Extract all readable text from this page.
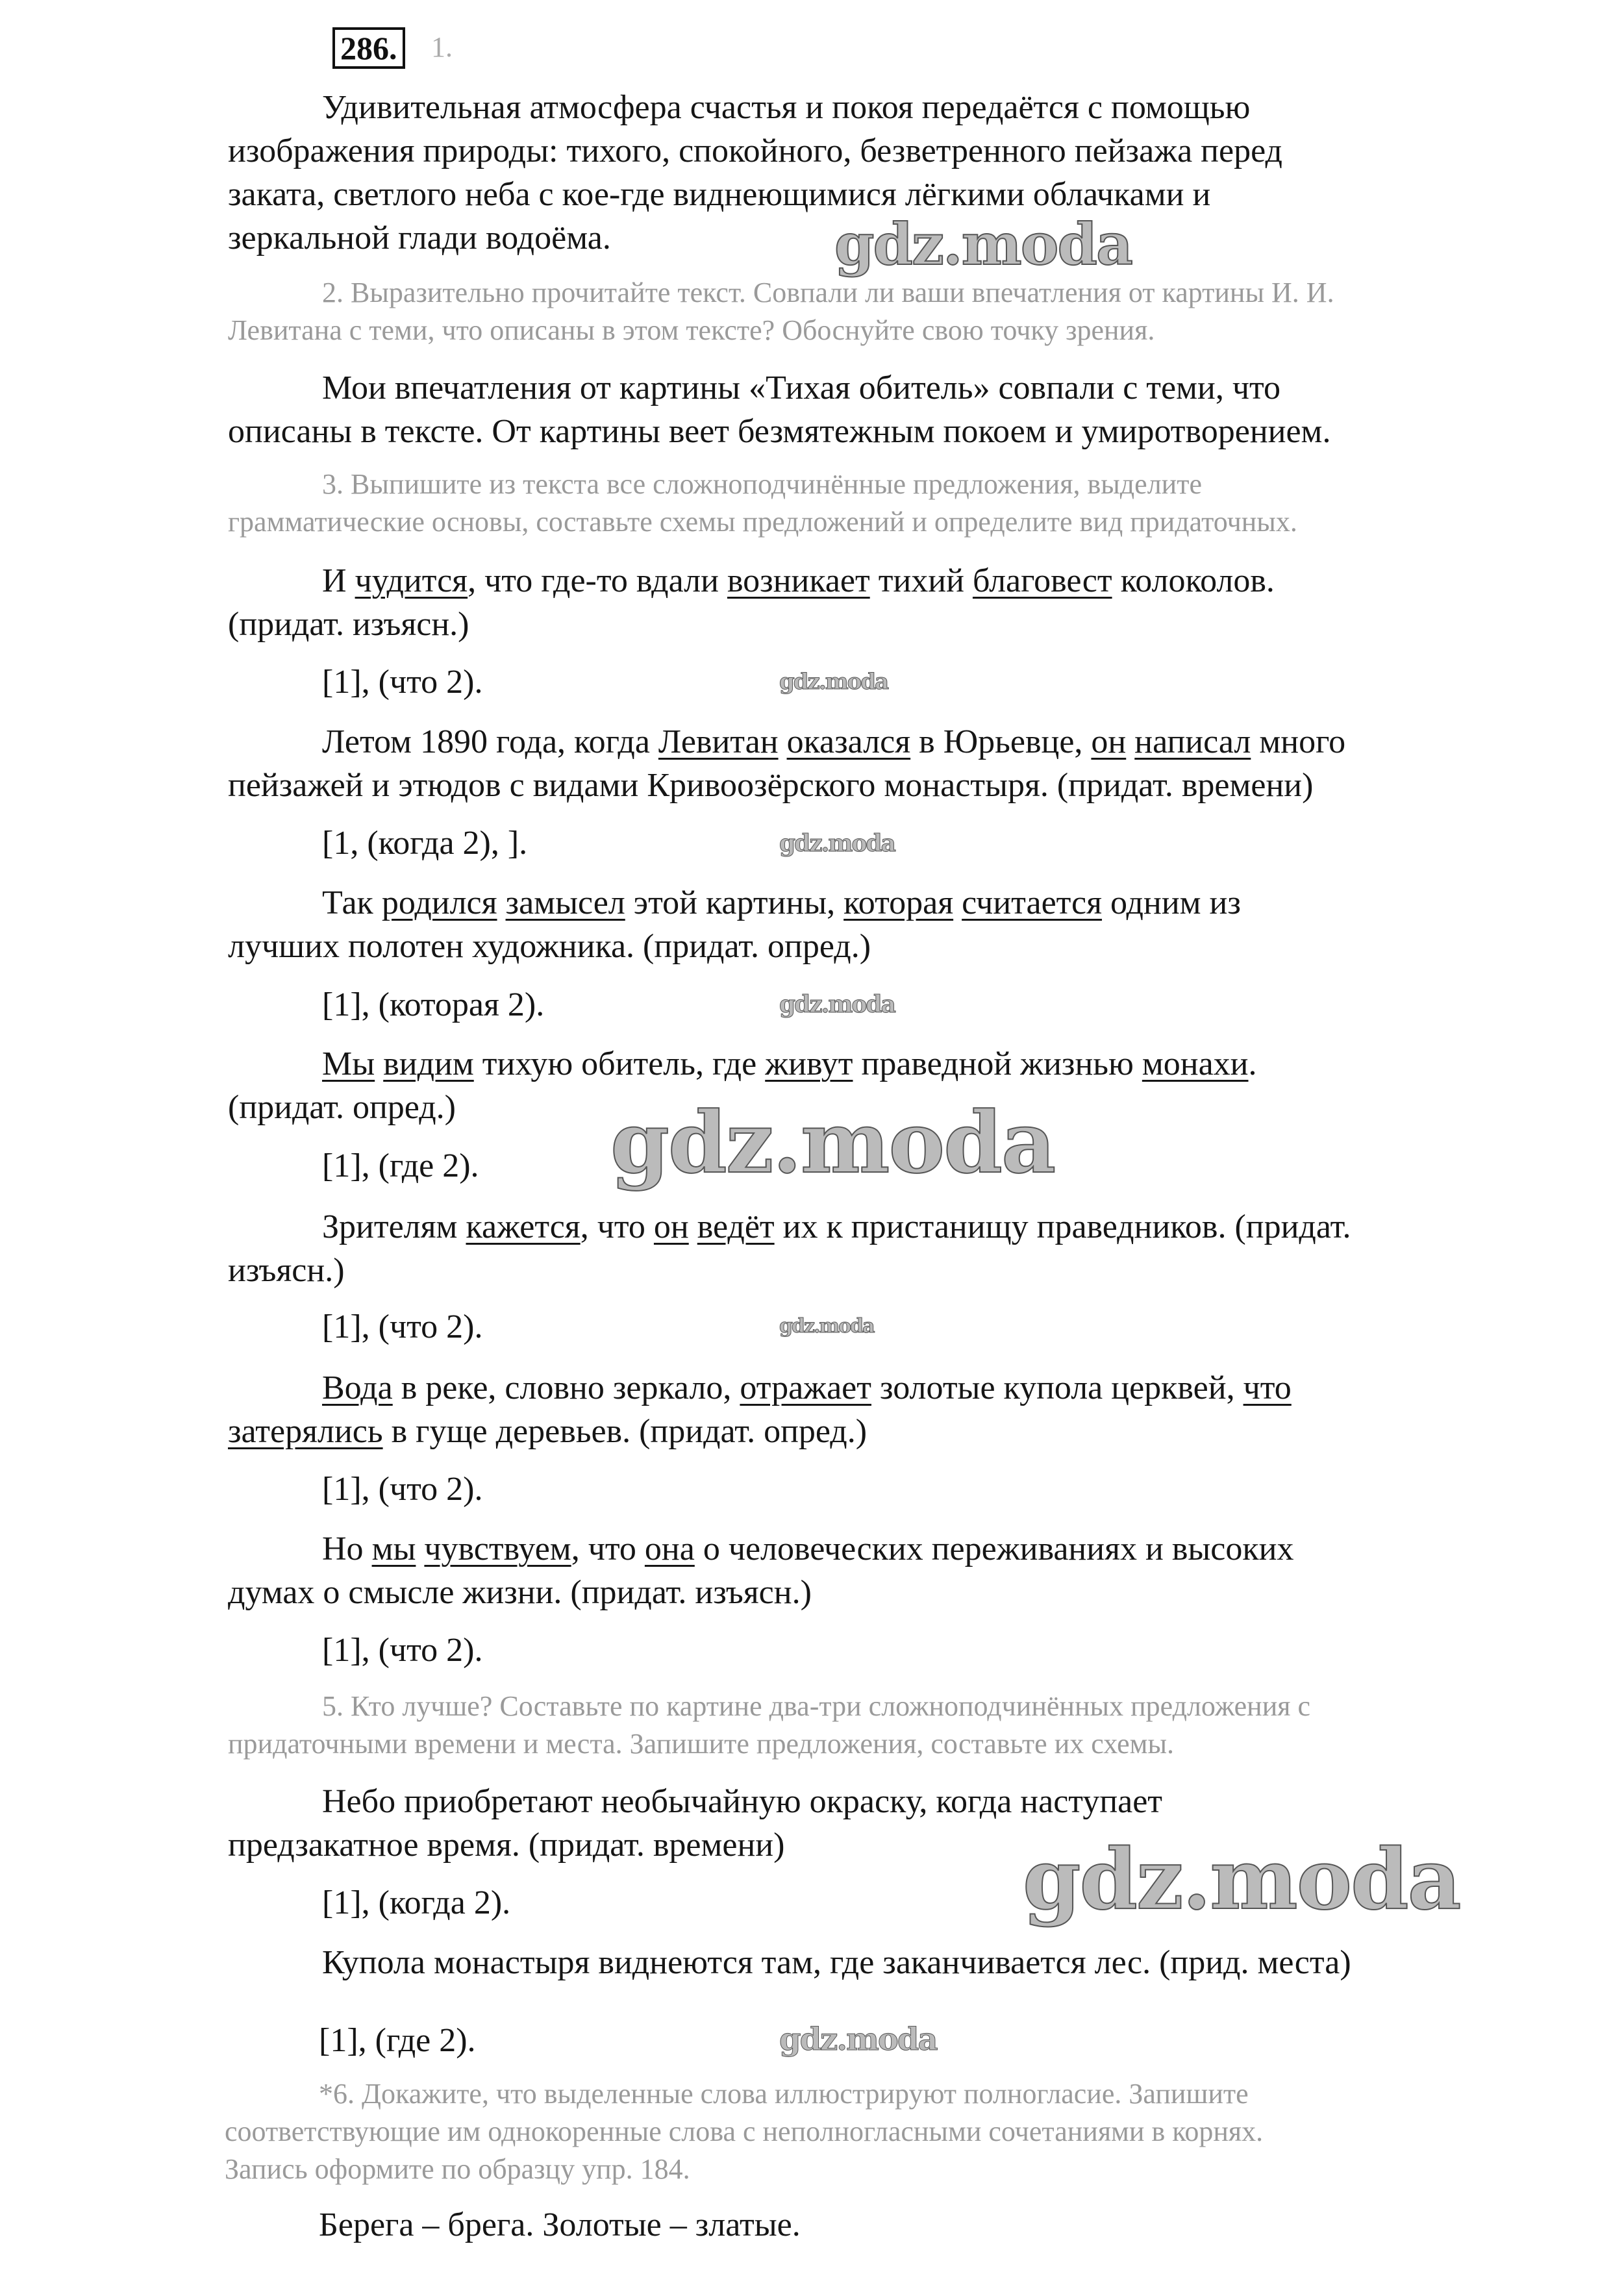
286. 1.
Удивительная атмосфера счастья и покоя передаётся с помощью
изображения природы: тихого, спокойного, безветренного пейзажа перед
заката, светлого неба с кое-где виднеющимися лёгкими облачками и
зеркальной глади водоёма.
2. Выразительно прочитайте текст. Совпали ли ваши впечатления от картины И. И.
Левитана с теми, что описаны в этом тексте? Обоснуйте свою точку зрения.
Мои впечатления от картины «Тихая обитель» совпали с теми, что
описаны в тексте. От картины веет безмятежным покоем и умиротворением.
3. Выпишите из текста все сложноподчинённые предложения, выделите
грамматические основы, составьте схемы предложений и определите вид придаточных.
И чудится, что где-то вдали возникает тихий благовест колоколов.
(придат. изъясн.)
[1], (что 2).
Летом 1890 года, когда Левитан оказался в Юрьевце, он написал много
пейзажей и этюдов с видами Кривоозёрского монастыря. (придат. времени)
[1, (когда 2), ].
Так родился замысел этой картины, которая считается одним из
лучших полотен художника. (придат. опред.)
[1], (которая 2).
Мы видим тихую обитель, где живут праведной жизнью монахи.
(придат. опред.)
[1], (где 2).
Зрителям кажется, что он ведёт их к пристанищу праведников. (придат.
изъясн.)
[1], (что 2).
Вода в реке, словно зеркало, отражает золотые купола церквей, что
затерялись в гуще деревьев. (придат. опред.)
[1], (что 2).
Но мы чувствуем, что она о человеческих переживаниях и высоких
думах о смысле жизни. (придат. изъясн.)
[1], (что 2).
5. Кто лучше? Составьте по картине два-три сложноподчинённых предложения с
придаточными времени и места. Запишите предложения, составьте их схемы.
Небо приобретают необычайную окраску, когда наступает
предзакатное время. (придат. времени)
[1], (когда 2).
Купола монастыря виднеются там, где заканчивается лес. (прид. места)
[1], (где 2).
*6. Докажите, что выделенные слова иллюстрируют полногласие. Запишите
соответствующие им однокоренные слова с неполногласными сочетаниями в корнях.
Запись оформите по образцу упр. 184.
Берега – брега. Золотые – златые.
gdz.moda
gdz.moda
gdz.moda
gdz.moda
gdz.moda
gdz.moda
gdz.moda
gdz.moda
